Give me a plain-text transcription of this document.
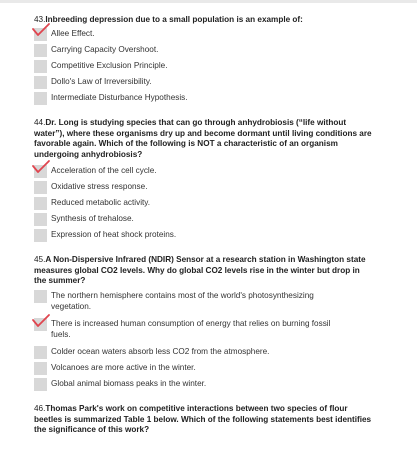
43.Inbreeding depression due to a small population is an example of:
Allee Effect.
Carrying Capacity Overshoot.
Competitive Exclusion Principle.
Dollo's Law of Irreversibility.
Intermediate Disturbance Hypothesis.
44.Dr. Long is studying species that can go through anhydrobiosis (“life without water”), where these organisms dry up and become dormant until living conditions are favorable again. Which of the following is NOT a characteristic of an organism undergoing anhydrobiosis?
Acceleration of the cell cycle.
Oxidative stress response.
Reduced metabolic activity.
Synthesis of trehalose.
Expression of heat shock proteins.
45.A Non-Dispersive Infrared (NDIR) Sensor at a research station in Washington state measures global CO2 levels. Why do global CO2 levels rise in the winter but drop in the summer?
The northern hemisphere contains most of the world's photosynthesizing vegetation.
There is increased human consumption of energy that relies on burning fossil fuels.
Colder ocean waters absorb less CO2 from the atmosphere.
Volcanoes are more active in the winter.
Global animal biomass peaks in the winter.
46.Thomas Park's work on competitive interactions between two species of flour beetles is summarized Table 1 below. Which of the following statements best identifies the significance of this work?
